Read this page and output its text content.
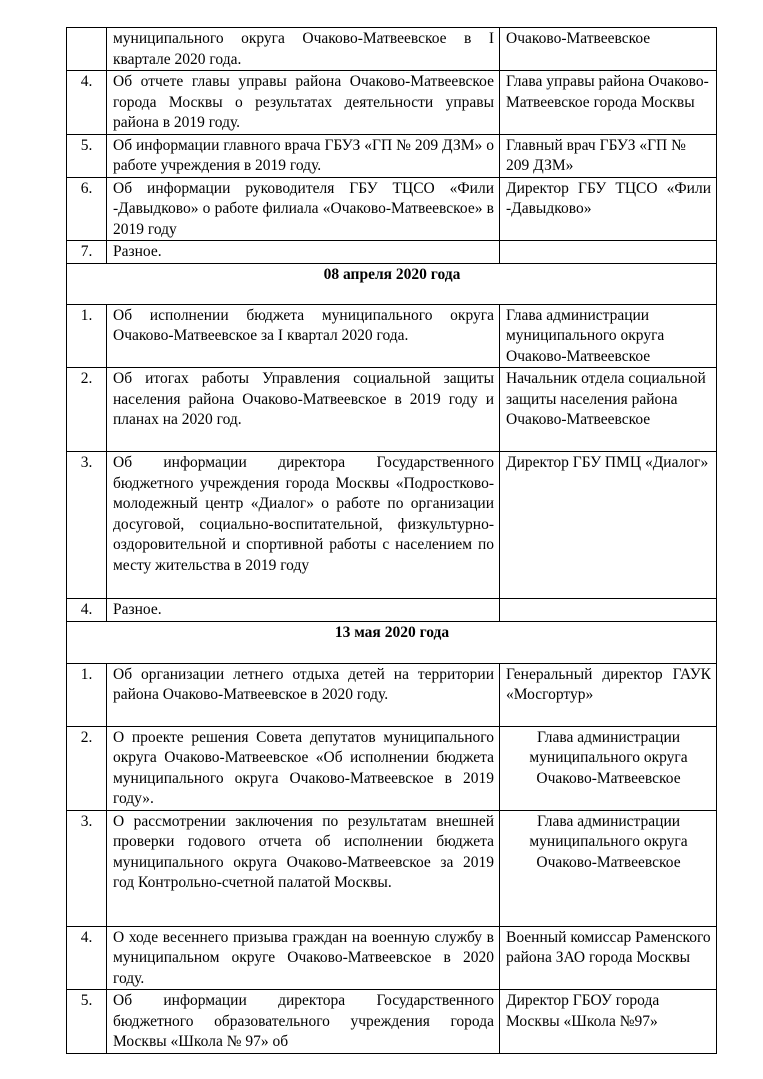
	муниципального округа Очаково-Матвеевское в I квартале 2020 года.	Очаково-Матвеевское
4.	Об отчете главы управы района Очаково-Матвеевское города Москвы о результатах деятельности управы района в 2019 году.	Глава управы района Очаково-Матвеевское города Москвы
5.	Об информации главного врача ГБУЗ «ГП № 209 ДЗМ» о работе учреждения в 2019 году.	Главный врач ГБУЗ «ГП № 209 ДЗМ»
6.	Об информации руководителя ГБУ ТЦСО «Фили -Давыдково» о работе филиала «Очаково-Матвеевское» в 2019 году	Директор ГБУ ТЦСО «Фили -Давыдково»
7.	Разное.	
08 апреля 2020 года		
1.	Об исполнении бюджета муниципального округа Очаково-Матвеевское за I квартал 2020 года.	Глава администрации муниципального округа Очаково-Матвеевское
2.	Об итогах работы Управления социальной защиты населения района Очаково-Матвеевское в 2019 году и планах на 2020 год.	Начальник отдела социальной защиты населения района Очаково-Матвеевское
3.	Об информации директора Государственного бюджетного учреждения города Москвы «Подростково-молодежный центр «Диалог» о работе по организации досуговой, социально-воспитательной, физкультурно-оздоровительной и спортивной работы с населением по месту жительства в 2019 году	Директор ГБУ ПМЦ «Диалог»
4.	Разное.	
13 мая 2020 года		
1.	Об организации летнего отдыха детей на территории района Очаково-Матвеевское в 2020 году.	Генеральный директор ГАУК «Мосгортур»
2.	О проекте решения Совета депутатов муниципального округа Очаково-Матвеевское «Об исполнении бюджета муниципального округа Очаково-Матвеевское в 2019 году».	Глава администрации муниципального округа Очаково-Матвеевское
3.	О рассмотрении заключения по результатам внешней проверки годового отчета об исполнении бюджета муниципального округа Очаково-Матвеевское за 2019 год Контрольно-счетной палатой Москвы.	Глава администрации муниципального округа Очаково-Матвеевское
4.	О ходе весеннего призыва граждан на военную службу в муниципальном округе Очаково-Матвеевское в 2020 году.	Военный комиссар Раменского района ЗАО города Москвы
5.	Об информации директора Государственного бюджетного образовательного учреждения города Москвы «Школа № 97» об	Директор ГБОУ города Москвы «Школа №97»
